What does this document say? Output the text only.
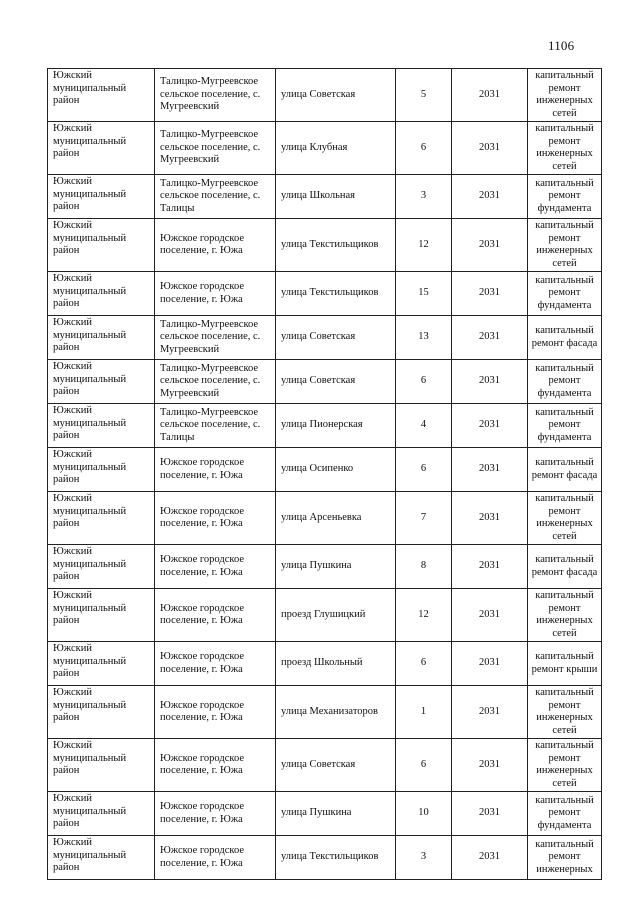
1106
Южский муниципальный район	Талицко-Мугреевское сельское поселение, с. Мугреевский	улица Советская	5	2031	капитальный ремонт инженерных сетей
Южский муниципальный район	Талицко-Мугреевское сельское поселение, с. Мугреевский	улица Клубная	6	2031	капитальный ремонт инженерных сетей
Южский муниципальный район	Талицко-Мугреевское сельское поселение, с. Талицы	улица Школьная	3	2031	капитальный ремонт фундамента
Южский муниципальный район	Южское городское поселение, г. Южа	улица Текстильщиков	12	2031	капитальный ремонт инженерных сетей
Южский муниципальный район	Южское городское поселение, г. Южа	улица Текстильщиков	15	2031	капитальный ремонт фундамента
Южский муниципальный район	Талицко-Мугреевское сельское поселение, с. Мугреевский	улица Советская	13	2031	капитальный ремонт фасада
Южский муниципальный район	Талицко-Мугреевское сельское поселение, с. Мугреевский	улица Советская	6	2031	капитальный ремонт фундамента
Южский муниципальный район	Талицко-Мугреевское сельское поселение, с. Талицы	улица Пионерская	4	2031	капитальный ремонт фундамента
Южский муниципальный район	Южское городское поселение, г. Южа	улица Осипенко	6	2031	капитальный ремонт фасада
Южский муниципальный район	Южское городское поселение, г. Южа	улица Арсеньевка	7	2031	капитальный ремонт инженерных сетей
Южский муниципальный район	Южское городское поселение, г. Южа	улица Пушкина	8	2031	капитальный ремонт фасада
Южский муниципальный район	Южское городское поселение, г. Южа	проезд Глушицкий	12	2031	капитальный ремонт инженерных сетей
Южский муниципальный район	Южское городское поселение, г. Южа	проезд Школьный	6	2031	капитальный ремонт крыши
Южский муниципальный район	Южское городское поселение, г. Южа	улица Механизаторов	1	2031	капитальный ремонт инженерных сетей
Южский муниципальный район	Южское городское поселение, г. Южа	улица Советская	6	2031	капитальный ремонт инженерных сетей
Южский муниципальный район	Южское городское поселение, г. Южа	улица Пушкина	10	2031	капитальный ремонт фундамента
Южский муниципальный район	Южское городское поселение, г. Южа	улица Текстильщиков	3	2031	капитальный ремонт инженерных
